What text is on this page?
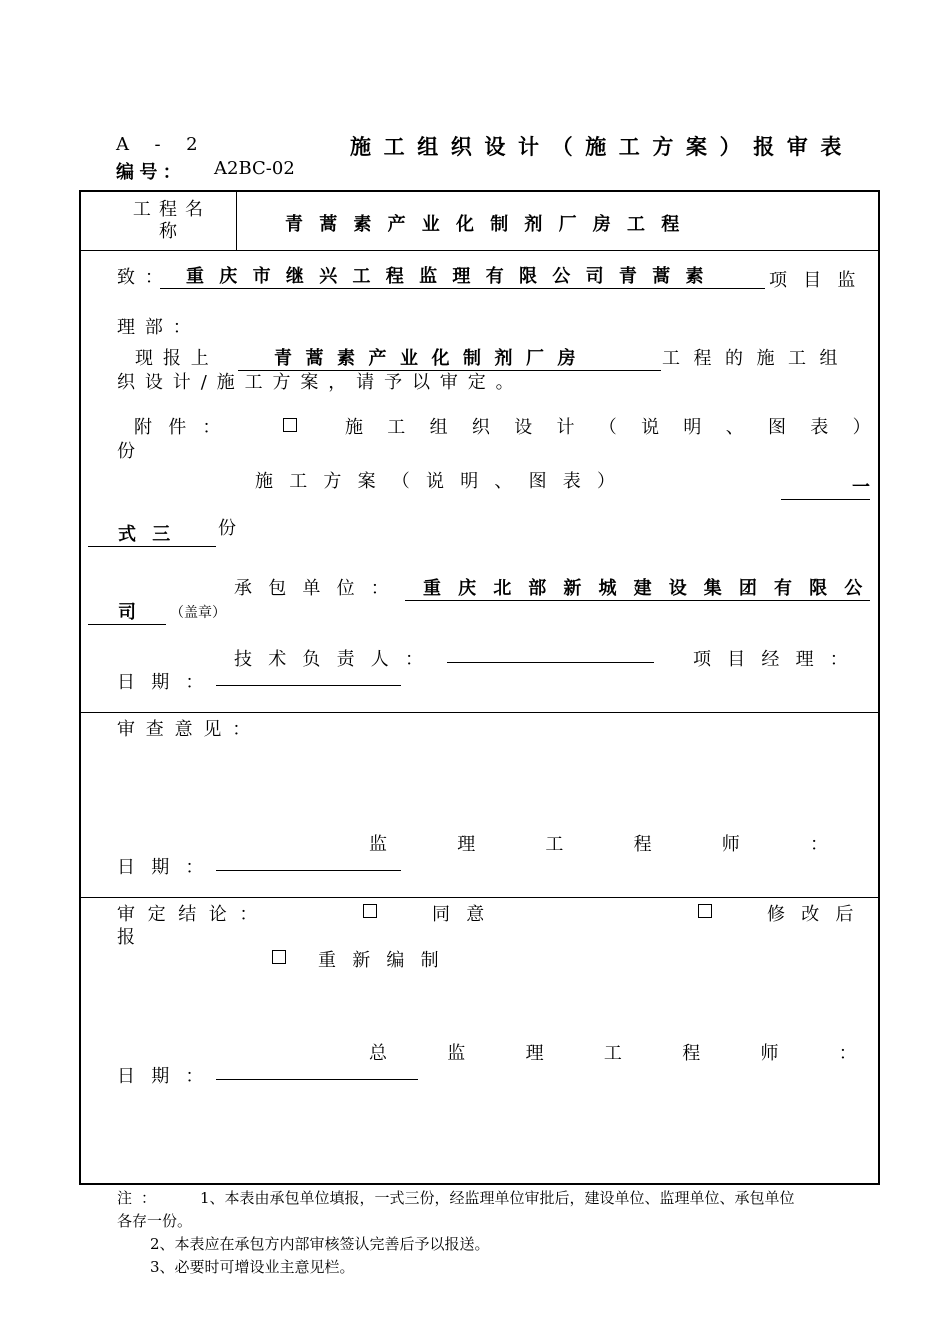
A - 2	施工组织设计（施工方案）报审表
编号： A2BC-02
工程名称	青蒿素产业化制剂厂房工程
致： 重庆市继兴工程监理有限公司青蒿素	项目监
理部：
现报上	青蒿素产业化制剂厂房	工程的施工组
织设计/施工方案，请予以审定。
附件：	施工组织设计（说明、图表）
份
施工方案（说明、图表）	一
式三	份
承包单位：	重庆北部新城建设集团有限公
司	（盖章）
技术负责人：	项目经理：
日期：
审查意见：
监理工程师：
日期：
审定结论：	同意	修改后
报
重新编制
总监理工程师：
日期：
注： 1、本表由承包单位填报，一式三份，经监理单位审批后，建设单位、监理单位、承包单位
各存一份。
2、本表应在承包方内部审核签认完善后予以报送。
3、必要时可增设业主意见栏。
